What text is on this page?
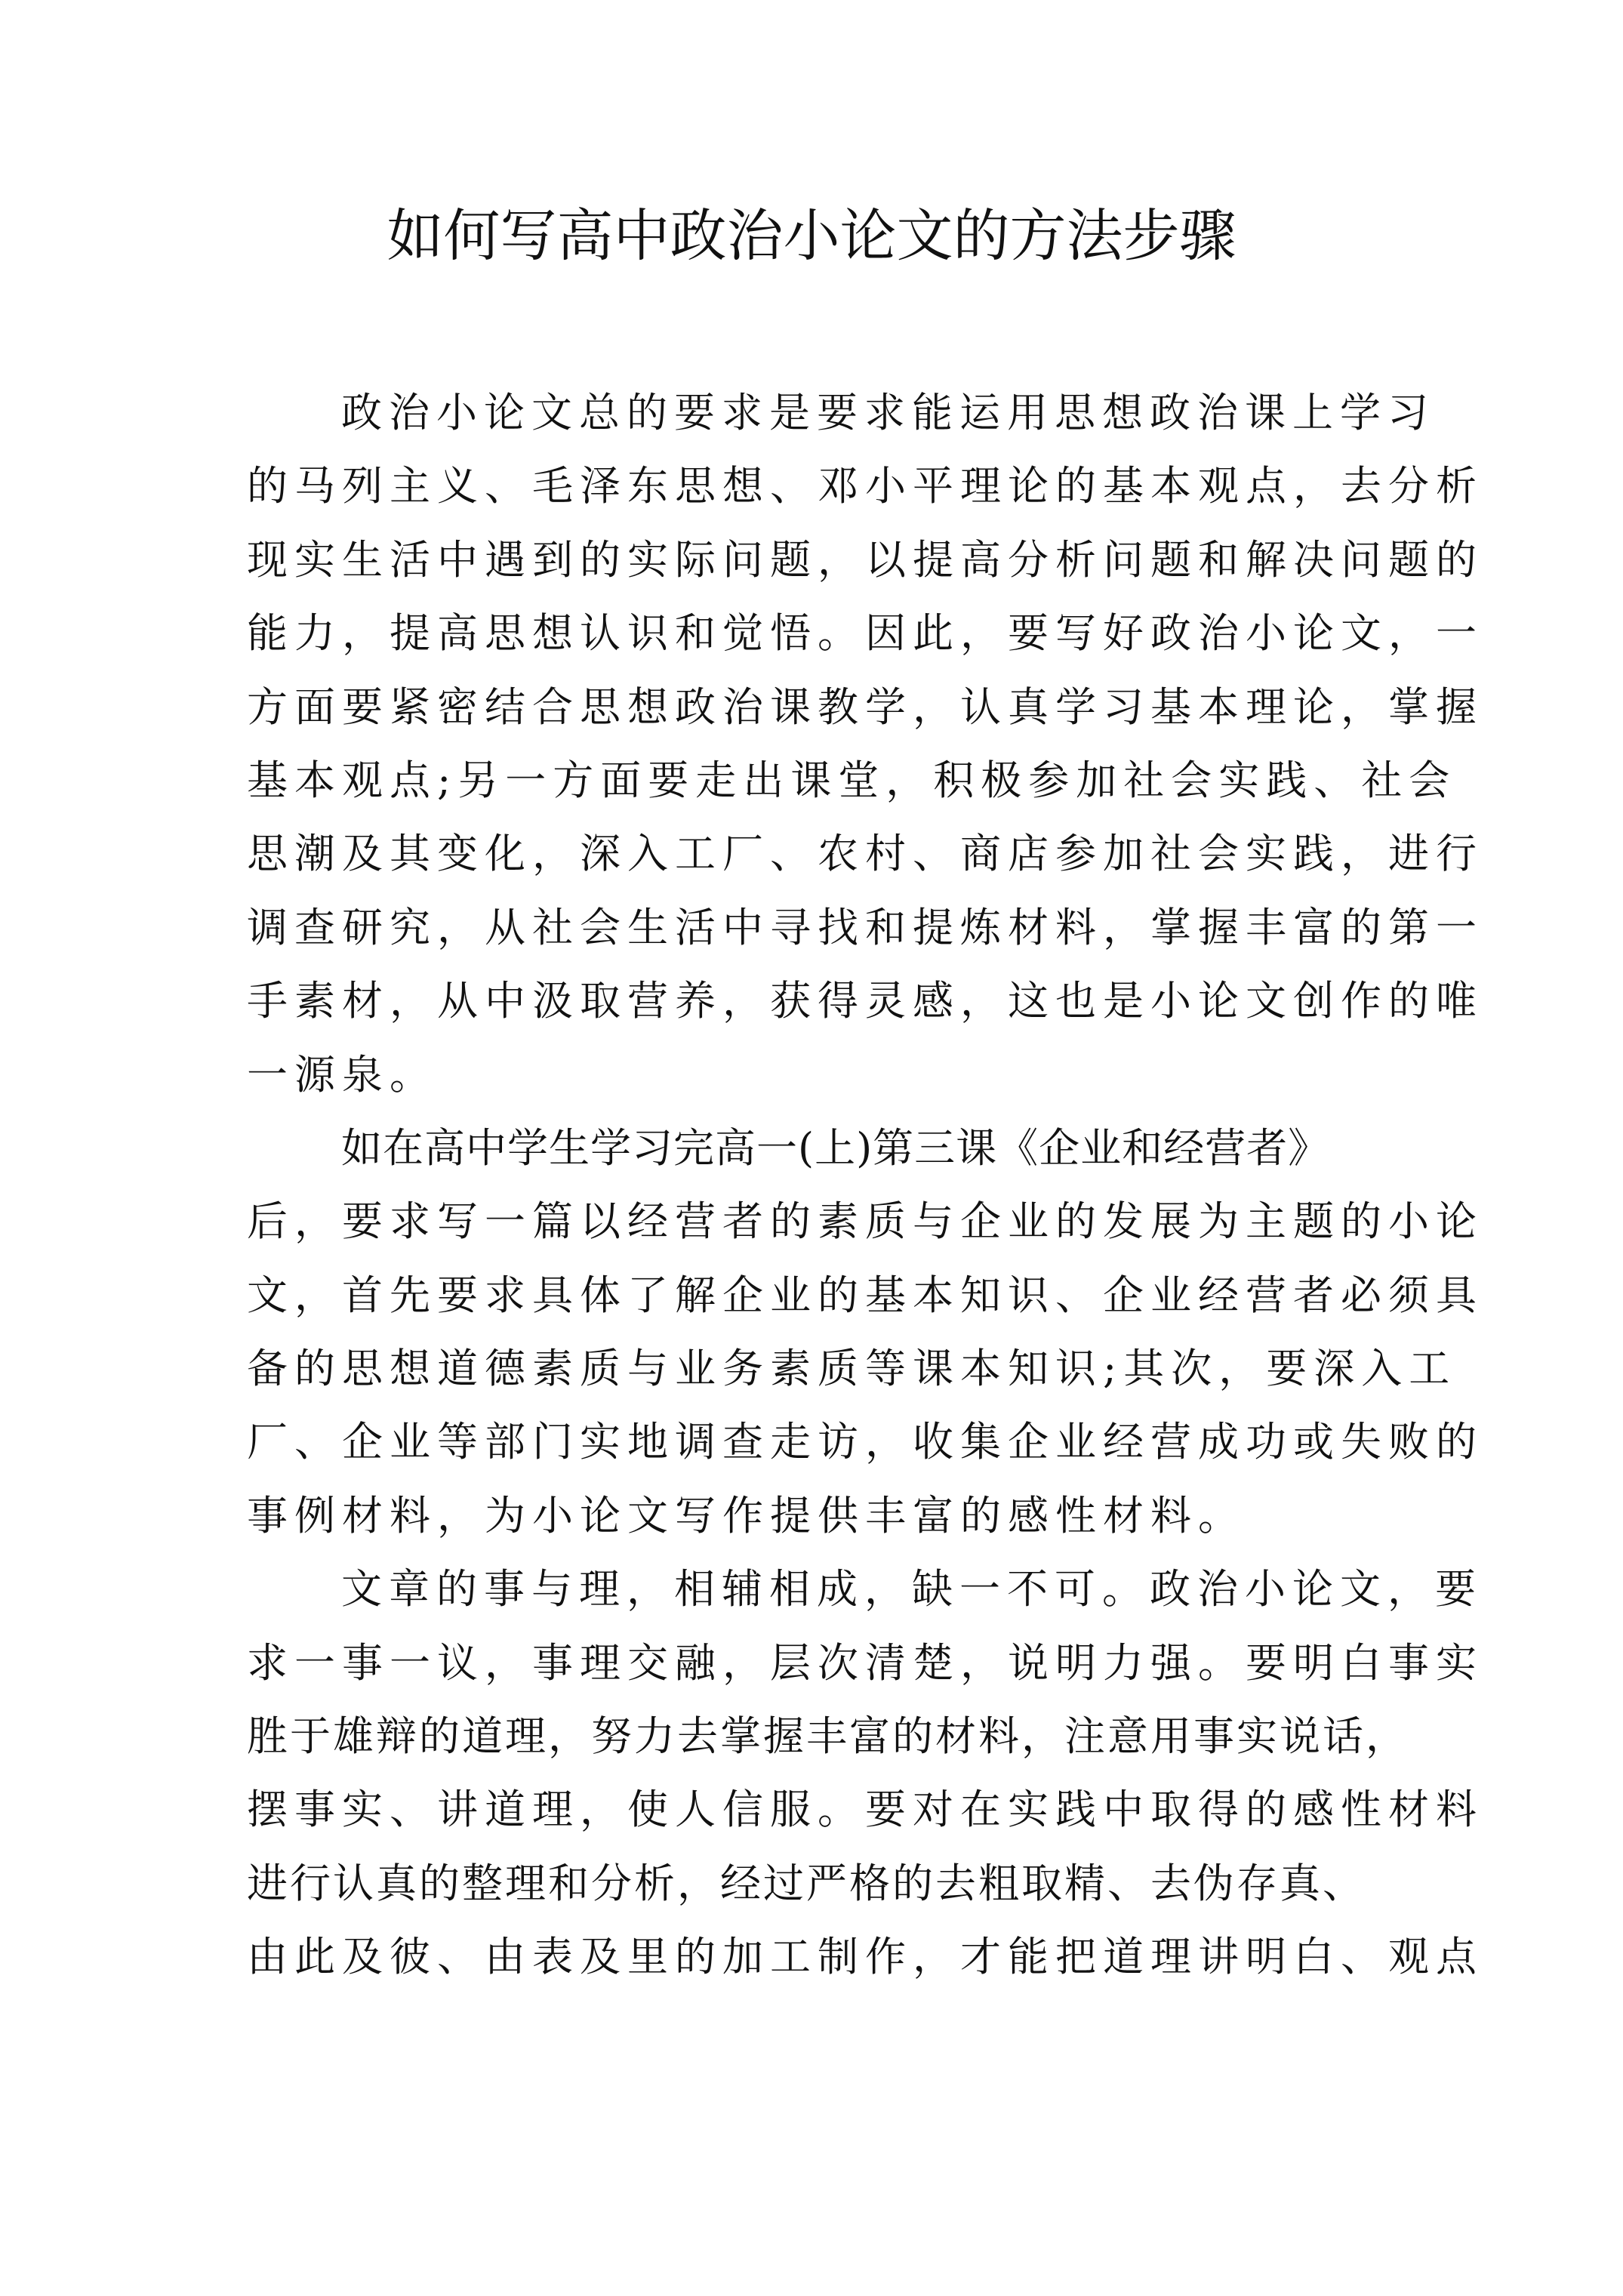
如何写高中政治小论文的方法步骤
政治小论文总的要求是要求能运用思想政治课上学习
的马列主义、毛泽东思想、邓小平理论的基本观点，去分析
现实生活中遇到的实际问题，以提高分析问题和解决问题的
能力，提高思想认识和觉悟。因此，要写好政治小论文，一
方面要紧密结合思想政治课教学，认真学习基本理论，掌握
基本观点;另一方面要走出课堂，积极参加社会实践、社会
思潮及其变化，深入工厂、农村、商店参加社会实践，进行
调查研究，从社会生活中寻找和提炼材料，掌握丰富的第一
手素材，从中汲取营养，获得灵感，这也是小论文创作的唯
一源泉。
如在高中学生学习完高一(上)第三课《企业和经营者》
后，要求写一篇以经营者的素质与企业的发展为主题的小论
文，首先要求具体了解企业的基本知识、企业经营者必须具
备的思想道德素质与业务素质等课本知识;其次，要深入工
厂、企业等部门实地调查走访，收集企业经营成功或失败的
事例材料，为小论文写作提供丰富的感性材料。
文章的事与理，相辅相成，缺一不可。政治小论文，要
求一事一议，事理交融，层次清楚，说明力强。要明白事实
胜于雄辩的道理，努力去掌握丰富的材料，注意用事实说话，
摆事实、讲道理，使人信服。要对在实践中取得的感性材料
进行认真的整理和分析，经过严格的去粗取精、去伪存真、
由此及彼、由表及里的加工制作，才能把道理讲明白、观点
